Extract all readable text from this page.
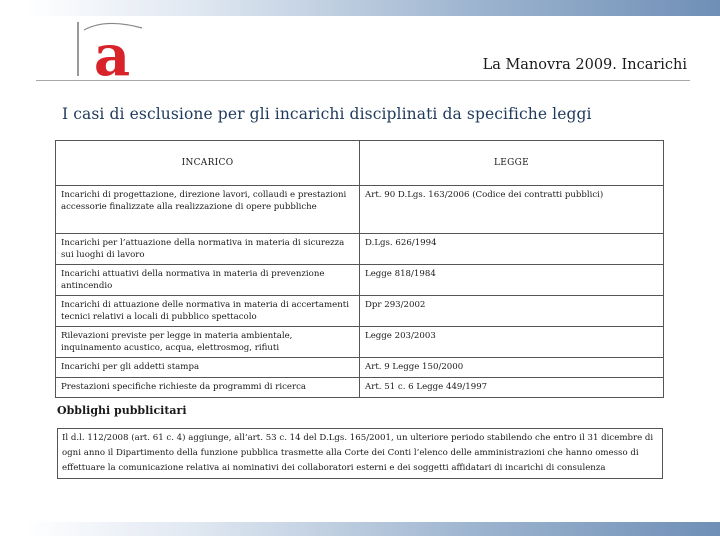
a	La Manovra 2009. Incarichi
I casi di esclusione per gli incarichi disciplinati da specifiche leggi
INCARICO	LEGGE
Incarichi di progettazione, direzione lavori, collaudi e prestazioni accessorie finalizzate alla realizzazione di opere pubbliche	Art. 90 D.Lgs. 163/2006 (Codice dei contratti pubblici)
Incarichi per l’attuazione della normativa in materia di sicurezza sui luoghi di lavoro	D.Lgs. 626/1994
Incarichi attuativi della normativa in materia di prevenzione antincendio	Legge 818/1984
Incarichi di attuazione delle normativa in materia di accertamenti tecnici relativi a locali di pubblico spettacolo	Dpr 293/2002
Rilevazioni previste per legge in materia ambientale, inquinamento acustico, acqua, elettrosmog, rifiuti	Legge 203/2003
Incarichi per gli addetti stampa	Art. 9 Legge 150/2000
Prestazioni specifiche richieste da programmi di ricerca	Art. 51 c. 6 Legge 449/1997
Obblighi pubblicitari
Il d.l. 112/2008 (art. 61 c. 4) aggiunge, all’art. 53 c. 14 del D.Lgs. 165/2001, un ulteriore periodo stabilendo che entro il 31 dicembre di ogni anno il Dipartimento della funzione pubblica trasmette alla Corte dei Conti l’elenco delle amministrazioni che hanno omesso di effettuare la comunicazione relativa ai nominativi dei collaboratori esterni e dei soggetti affidatari di incarichi di consulenza
